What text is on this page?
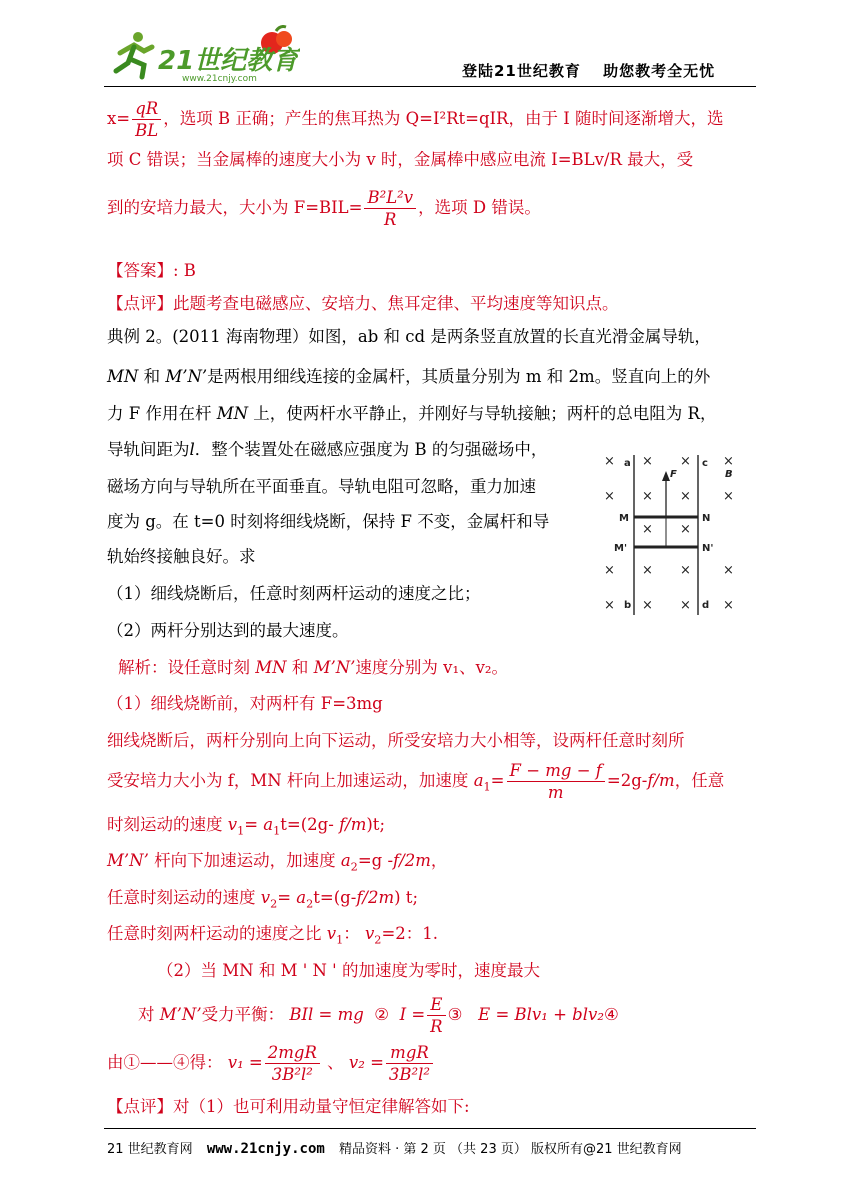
21世纪教育
www.21cnjy.com	登陆21世纪教育　 助您教考全无忧
$x= \frac{qR}{BL}$ ，选项 B 正确；产生的焦耳热为 Q=I²Rt=qIR，由于 I 随时间逐渐增大，选
项 C 错误；当金属棒的速度大小为 v 时，金属棒中感应电流 I=BLv/R 最大，受
到的安培力最大，大小为 $F=BIL= \frac{\text{B²L²v}}{R}$ ，选项 D 错误。
【答案】: B
【点评】此题考查电磁感应、安培力、焦耳定律、平均速度等知识点。
典例 2。(2011 海南物理）如图，ab 和 cd 是两条竖直放置的长直光滑金属导轨，
MN 和 M’N’是两根用细线连接的金属杆，其质量分别为 m 和 2m。竖直向上的外
力 F 作用在杆 MN 上，使两杆水平静止，并刚好与导轨接触；两杆的总电阻为 R，
导轨间距为l．整个装置处在磁感应强度为 B 的匀强磁场中，
磁场方向与导轨所在平面垂直。导轨电阻可忽略，重力加速
度为 g。在 t=0 时刻将细线烧断，保持 F 不变，金属杆和导
轨始终接触良好。求
（1）细线烧断后，任意时刻两杆运动的速度之比；
（2）两杆分别达到的最大速度。
解析：设任意时刻 MN 和 M’N’速度分别为 v₁、v₂。
（1）细线烧断前，对两杆有 F=3mg
细线烧断后，两杆分别向上向下运动，所受安培力大小相等，设两杆任意时刻所
受安培力大小为 f，MN 杆向上加速运动，加速度 $a_1= \frac{F - mg - f}{m} =2g-f/m$，任意
时刻运动的速度 $v_1= a_1t=(2g-$ f/m)t;
M’N’ 杆向下加速运动，加速度 $a_2=g$ -f/2m，
任意时刻运动的速度 $v_2= a_2t=(g-f/2m)$ t;
任意时刻两杆运动的速度之比 $v_1$： $v_2=2$：1.
（2）当 MN 和 M ' N ' 的加速度为零时，速度最大
对 M’N’受力平衡： BIl = mg ② $I = \frac{E}{R}$ ③ E = Blv₁ + blv₂④
由①——④得： $v_1 = \frac{\text{2mgR}}{\text{3B²l²}}$ 、 $v_2 = \frac{\text{mgR}}{\text{3B²l²}}$
【点评】对（1）也可利用动量守恒定律解答如下:
× × × ×
× × × ×
× ×
× × × ×
× × × ×
a
b
c
d
M	N
M'	N'
F	B
21 世纪教育网 www.21cnjy.com 精品资料 · 第 2 页 （共 23 页） 版权所有@21 世纪教育网
